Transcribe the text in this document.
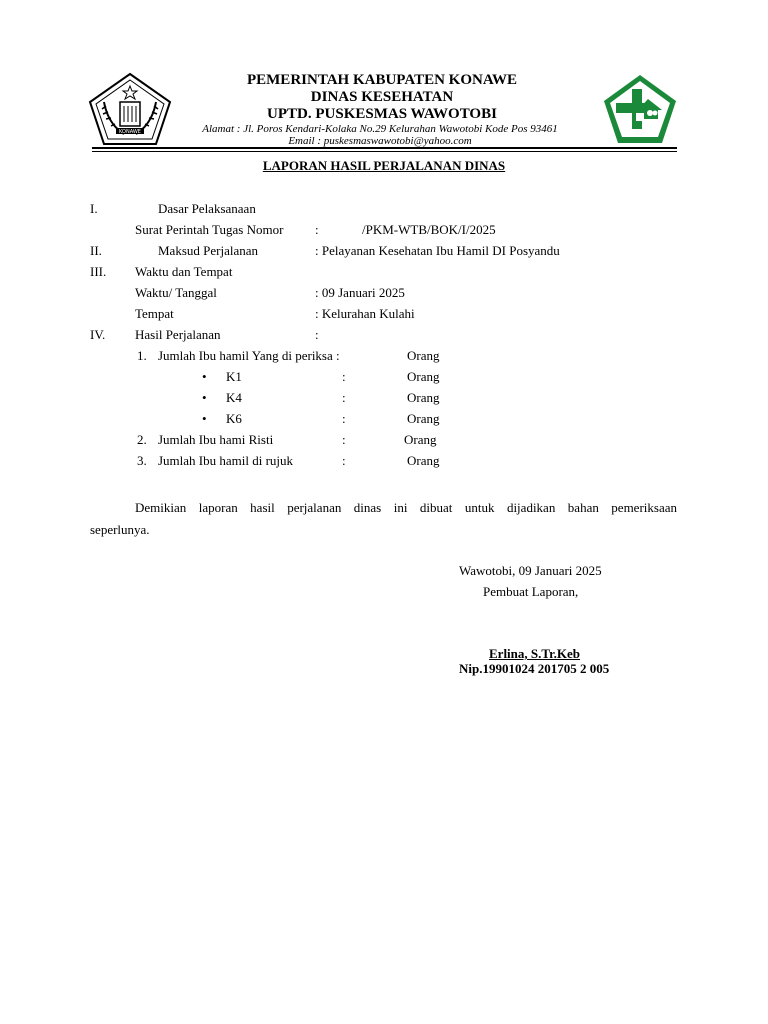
KONAWE
PEMERINTAH KABUPATEN KONAWE
DINAS KESEHATAN
UPTD. PUSKESMAS WAWOTOBI
Alamat : Jl. Poros Kendari-Kolaka No.29 Kelurahan Wawotobi Kode Pos 93461
Email : puskesmaswawotobi@yahoo.com
LAPORAN HASIL PERJALANAN DINAS
I.	Dasar Pelaksanaan
Surat Perintah Tugas Nomor :	/PKM-WTB/BOK/I/2025
II.	Maksud Perjalanan	: Pelayanan Kesehatan Ibu Hamil DI Posyandu
III. Waktu dan Tempat
Waktu/ Tanggal	: 09 Januari 2025
Tempat	: Kelurahan Kulahi
IV. Hasil Perjalanan	:
1. Jumlah Ibu hamil Yang di periksa :	Orang
• K1	:	Orang
• K4	:	Orang
• K6	:	Orang
2. Jumlah Ibu hami Risti	:	Orang
3. Jumlah Ibu hamil di rujuk	:	Orang
Demikian laporan hasil perjalanan dinas ini dibuat untuk dijadikan bahan pemeriksaan
seperlunya.
Wawotobi, 09 Januari 2025
Pembuat Laporan,
Erlina, S.Tr.Keb
Nip.19901024 201705 2 005
